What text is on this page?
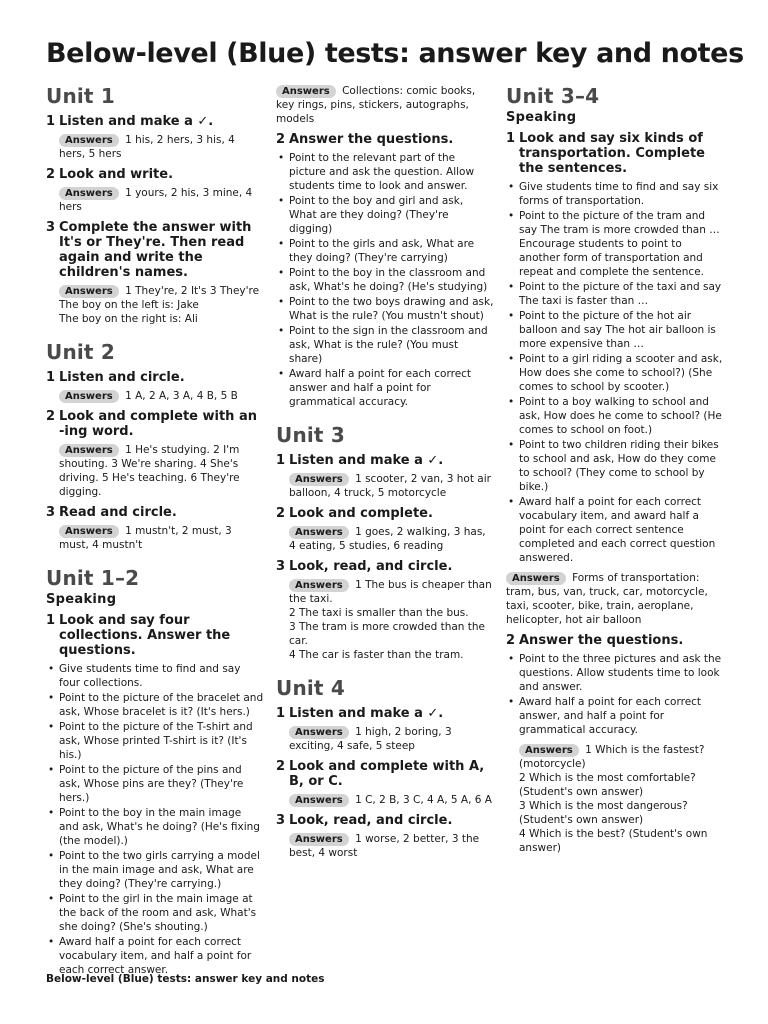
Below-level (Blue) tests: answer key and notes
Unit 1
1 Listen and make a ✓.
Answers 1 his, 2 hers, 3 his, 4 hers, 5 hers
2 Look and write.
Answers 1 yours, 2 his, 3 mine, 4 hers
3 Complete the answer with It's or They're. Then read again and write the children's names.
Answers 1 They're, 2 It's 3 They're
The boy on the left is: Jake
The boy on the right is: Ali
Unit 2
1 Listen and circle.
Answers 1 A, 2 A, 3 A, 4 B, 5 B
2 Look and complete with an -ing word.
Answers 1 He's studying. 2 I'm shouting. 3 We're sharing. 4 She's driving. 5 He's teaching. 6 They're digging.
3 Read and circle.
Answers 1 mustn't, 2 must, 3 must, 4 mustn't
Unit 1–2
Speaking
1 Look and say four collections. Answer the questions.
• Give students time to find and say four collections.
• Point to the picture of the bracelet and ask, Whose bracelet is it? (It's hers.)
• Point to the picture of the T-shirt and ask, Whose printed T-shirt is it? (It's his.)
• Point to the picture of the pins and ask, Whose pins are they? (They're hers.)
• Point to the boy in the main image and ask, What's he doing? (He's fixing (the model).)
• Point to the two girls carrying a model in the main image and ask, What are they doing? (They're carrying.)
• Point to the girl in the main image at the back of the room and ask, What's she doing? (She's shouting.)
• Award half a point for each correct vocabulary item, and half a point for each correct answer.
Answers Collections: comic books, key rings, pins, stickers, autographs, models
2 Answer the questions.
• Point to the relevant part of the picture and ask the question. Allow students time to look and answer.
• Point to the boy and girl and ask, What are they doing? (They're digging)
• Point to the girls and ask, What are they doing? (They're carrying)
• Point to the boy in the classroom and ask, What's he doing? (He's studying)
• Point to the two boys drawing and ask, What is the rule? (You mustn't shout)
• Point to the sign in the classroom and ask, What is the rule? (You must share)
• Award half a point for each correct answer and half a point for grammatical accuracy.
Unit 3
1 Listen and make a ✓.
Answers 1 scooter, 2 van, 3 hot air balloon, 4 truck, 5 motorcycle
2 Look and complete.
Answers 1 goes, 2 walking, 3 has, 4 eating, 5 studies, 6 reading
3 Look, read, and circle.
Answers 1 The bus is cheaper than the taxi.
2 The taxi is smaller than the bus.
3 The tram is more crowded than the car.
4 The car is faster than the tram.
Unit 4
1 Listen and make a ✓.
Answers 1 high, 2 boring, 3 exciting, 4 safe, 5 steep
2 Look and complete with A, B, or C.
Answers 1 C, 2 B, 3 C, 4 A, 5 A, 6 A
3 Look, read, and circle.
Answers 1 worse, 2 better, 3 the best, 4 worst
Unit 3–4
Speaking
1 Look and say six kinds of transportation. Complete the sentences.
• Give students time to find and say six forms of transportation.
• Point to the picture of the tram and say The tram is more crowded than … Encourage students to point to another form of transportation and repeat and complete the sentence.
• Point to the picture of the taxi and say The taxi is faster than …
• Point to the picture of the hot air balloon and say The hot air balloon is more expensive than …
• Point to a girl riding a scooter and ask, How does she come to school?) (She comes to school by scooter.)
• Point to a boy walking to school and ask, How does he come to school? (He comes to school on foot.)
• Point to two children riding their bikes to school and ask, How do they come to school? (They come to school by bike.)
• Award half a point for each correct vocabulary item, and award half a point for each correct sentence completed and each correct question answered.
Answers Forms of transportation: tram, bus, van, truck, car, motorcycle, taxi, scooter, bike, train, aeroplane, helicopter, hot air balloon
2 Answer the questions.
• Point to the three pictures and ask the questions. Allow students time to look and answer.
• Award half a point for each correct answer, and half a point for grammatical accuracy.
Answers 1 Which is the fastest? (motorcycle)
2 Which is the most comfortable? (Student's own answer)
3 Which is the most dangerous? (Student's own answer)
4 Which is the best? (Student's own answer)
Below-level (Blue) tests: answer key and notes
